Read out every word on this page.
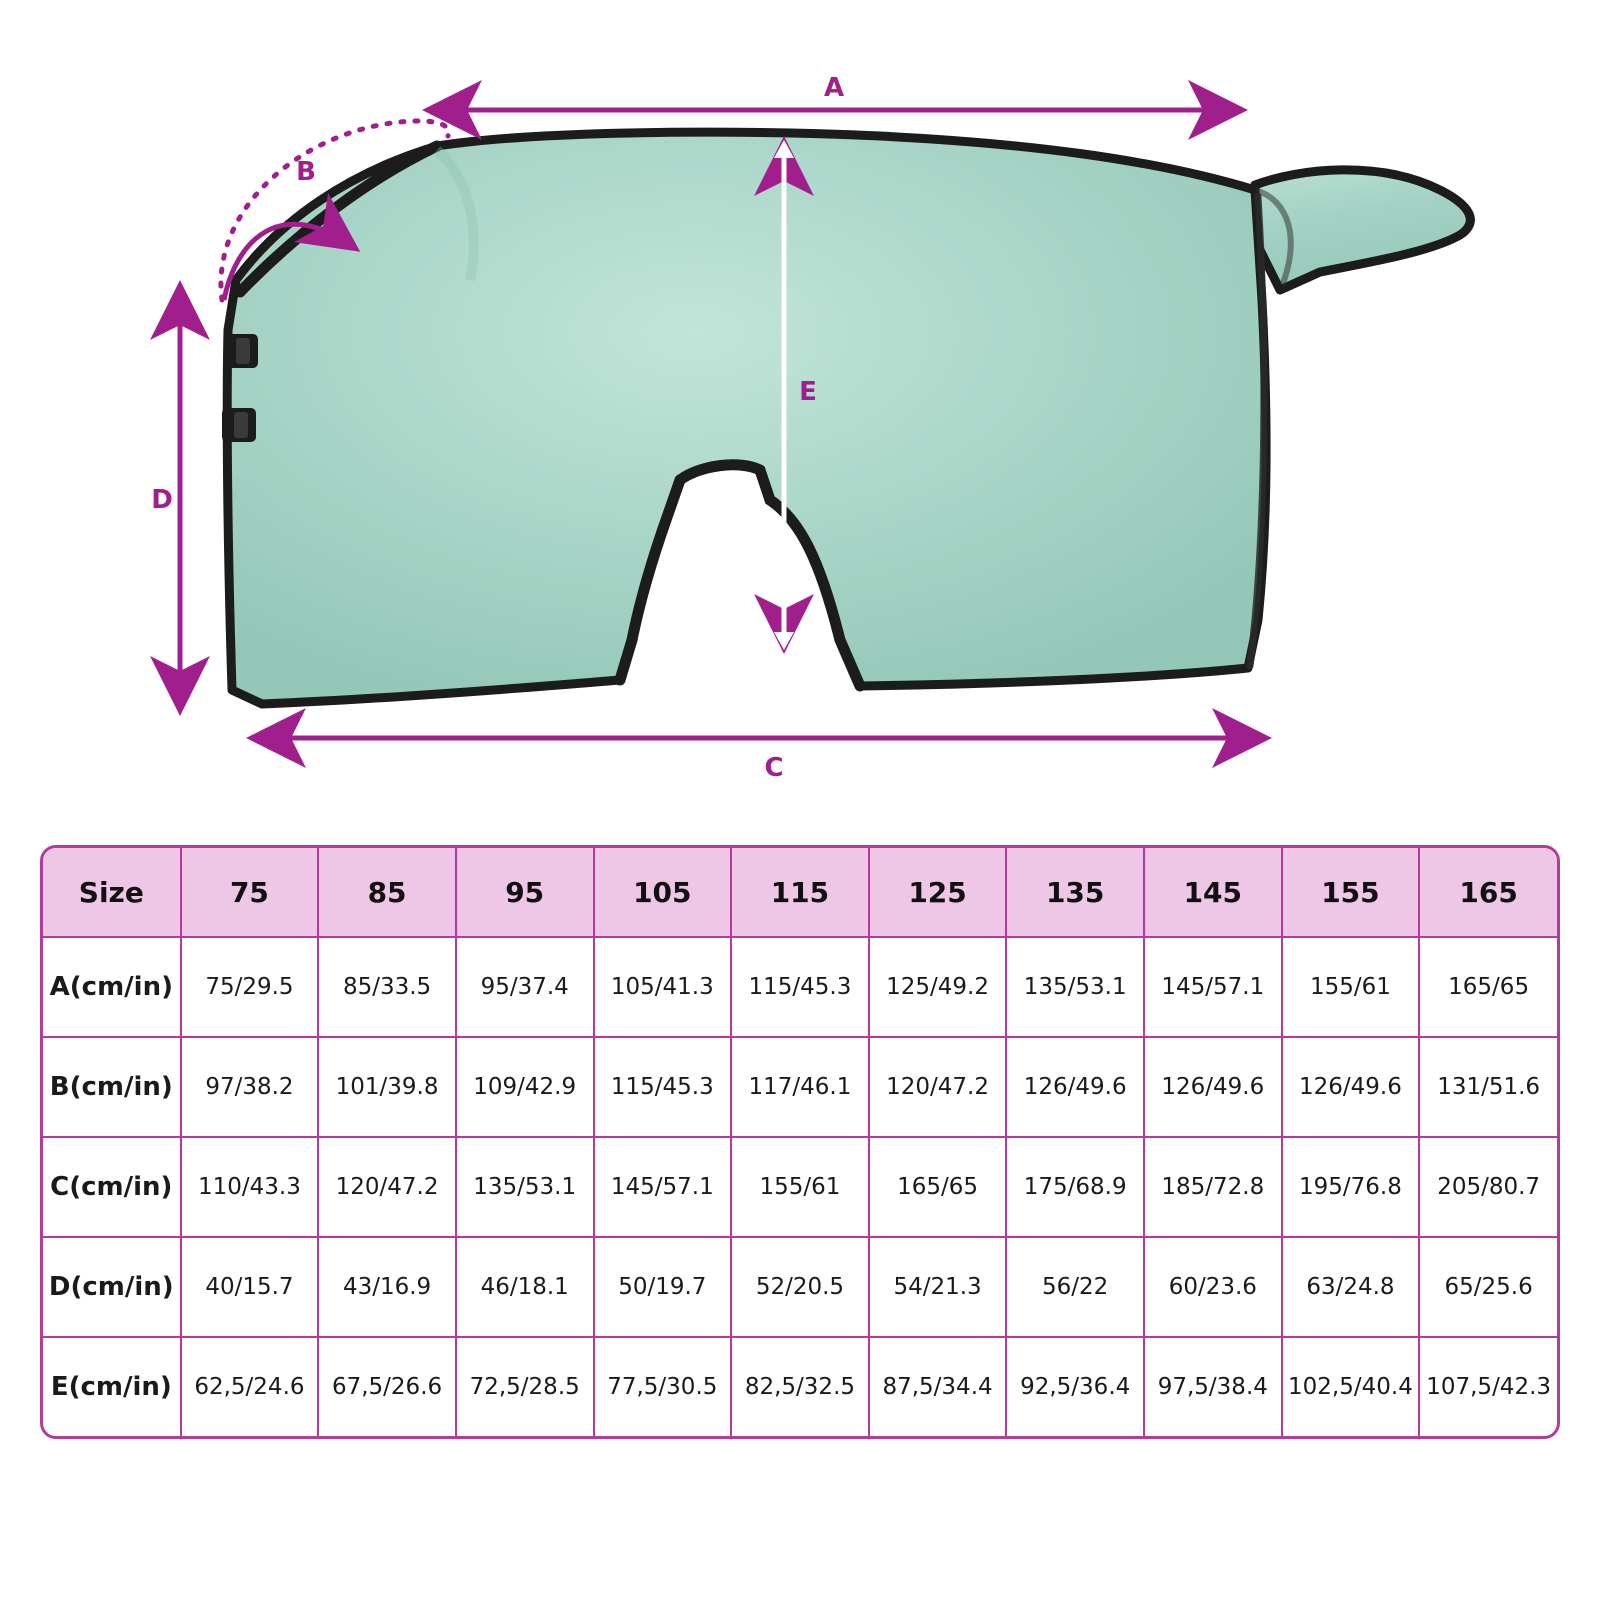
A
B
C
D
E
Size	75	85	95	105	115	125	135	145	155	165
A(cm/in)	75/29.5	85/33.5	95/37.4	105/41.3	115/45.3	125/49.2	135/53.1	145/57.1	155/61	165/65
B(cm/in)	97/38.2	101/39.8	109/42.9	115/45.3	117/46.1	120/47.2	126/49.6	126/49.6	126/49.6	131/51.6
C(cm/in)	110/43.3	120/47.2	135/53.1	145/57.1	155/61	165/65	175/68.9	185/72.8	195/76.8	205/80.7
D(cm/in)	40/15.7	43/16.9	46/18.1	50/19.7	52/20.5	54/21.3	56/22	60/23.6	63/24.8	65/25.6
E(cm/in)	62,5/24.6	67,5/26.6	72,5/28.5	77,5/30.5	82,5/32.5	87,5/34.4	92,5/36.4	97,5/38.4	102,5/40.4	107,5/42.3
